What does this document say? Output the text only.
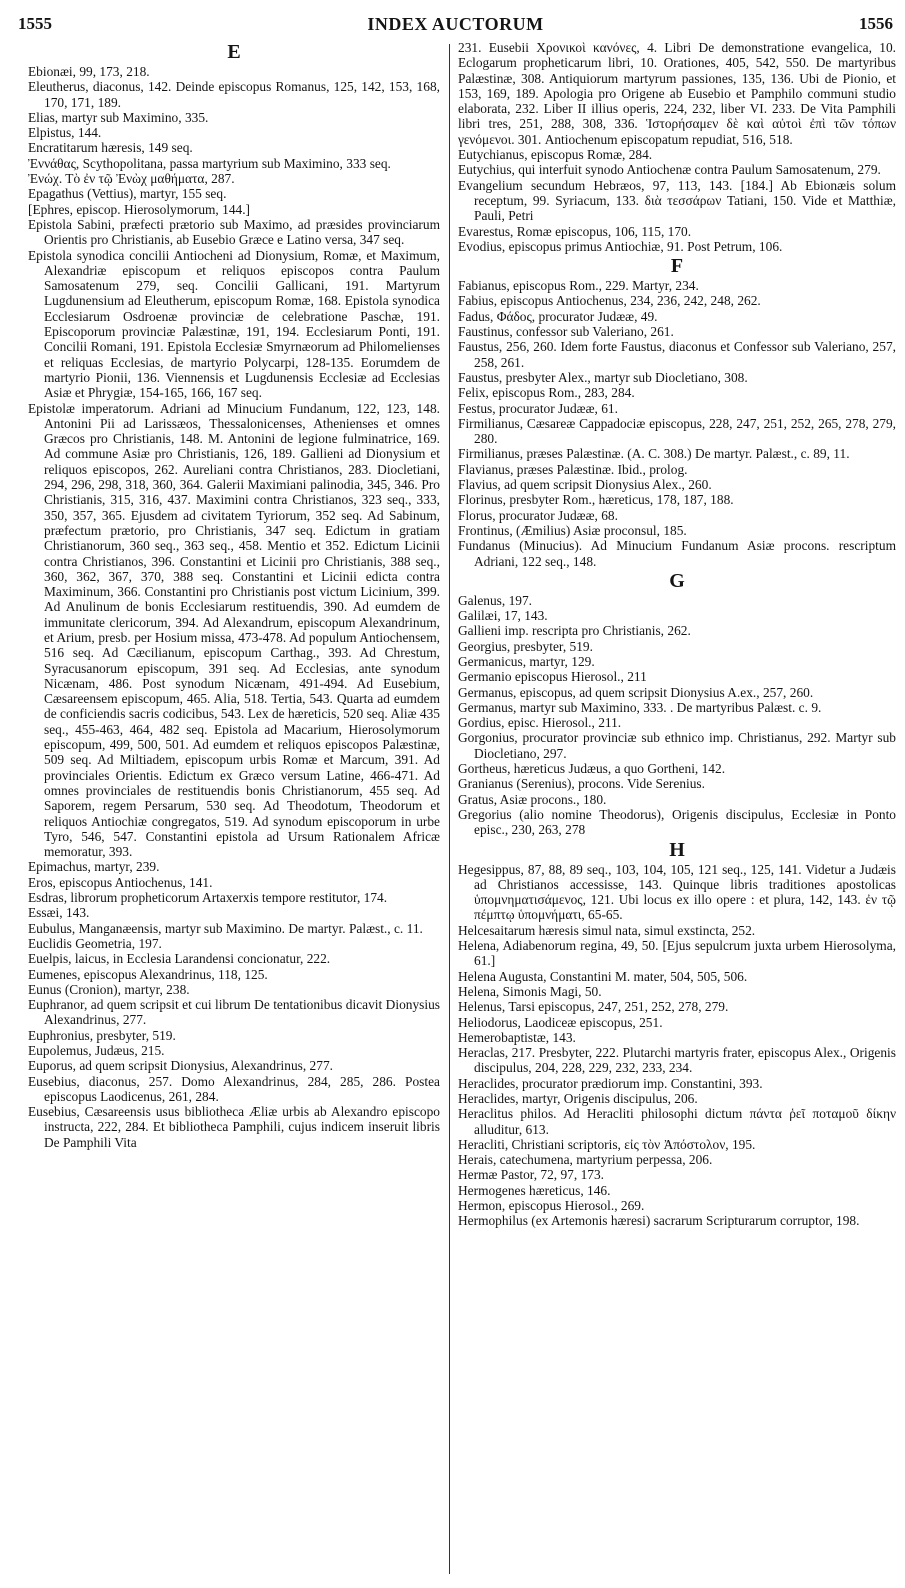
1555	INDEX AUCTORUM	1556
E

Ebionæi, 99, 173, 218.

Eleutherus, diaconus, 142. Deinde episcopus Romanus, 125, 142, 153, 168, 170, 171, 189.

Elias, martyr sub Maximino, 335.

Elpistus, 144.

Encratitarum hæresis, 149 seq.

Ἐννάθας, Scythopolitana, passa martyrium sub Maximino, 333 seq.

Ἐνώχ. Τὸ ἐν τῷ Ἐνὼχ μαθήματα, 287.

Epagathus (Vettius), martyr, 155 seq.

[Ephres, episcop. Hierosolymorum, 144.]

Epistola Sabini, præfecti prætorio sub Maximo, ad præsides provinciarum Orientis pro Christianis, ab Eusebio Græce e Latino versa, 347 seq.

Epistola synodica concilii Antiocheni ad Dionysium, Romæ, et Maximum, Alexandriæ episcopum et reliquos episcopos contra Paulum Samosatenum 279, seq. Concilii Gallicani, 191. Martyrum Lugdunensium ad Eleutherum, episcopum Romæ, 168. Epistola synodica Ecclesiarum Osdroenæ provinciæ de celebratione Paschæ, 191. Episcoporum provinciæ Palæstinæ, 191, 194. Ecclesiarum Ponti, 191. Concilii Romani, 191. Epistola Ecclesiæ Smyrnæorum ad Philomelienses et reliquas Ecclesias, de martyrio Polycarpi, 128-135. Eorumdem de martyrio Pionii, 136. Viennensis et Lugdunensis Ecclesiæ ad Ecclesias Asiæ et Phrygiæ, 154-165, 166, 167 seq.

Epistolæ imperatorum. Adriani ad Minucium Fundanum, 122, 123, 148. Antonini Pii ad Larissæos, Thessalonicenses, Athenienses et omnes Græcos pro Christianis, 148. M. Antonini de legione fulminatrice, 169. Ad commune Asiæ pro Christianis, 126, 189. Gallieni ad Dionysium et reliquos episcopos, 262. Aureliani contra Christianos, 283. Diocletiani, 294, 296, 298, 318, 360, 364. Galerii Maximiani palinodia, 345, 346. Pro Christianis, 315, 316, 437. Maximini contra Christianos, 323 seq., 333, 350, 357, 365. Ejusdem ad civitatem Tyriorum, 352 seq. Ad Sabinum, præfectum prætorio, pro Christianis, 347 seq. Edictum in gratiam Christianorum, 360 seq., 363 seq., 458. Mentio et 352. Edictum Licinii contra Christianos, 396. Constantini et Licinii pro Christianis, 388 seq., 360, 362, 367, 370, 388 seq. Constantini et Licinii edicta contra Maximinum, 366. Constantini pro Christianis post victum Licinium, 399. Ad Anulinum de bonis Ecclesiarum restituendis, 390. Ad eumdem de immunitate clericorum, 394. Ad Alexandrum, episcopum Alexandrinum, et Arium, presb. per Hosium missa, 473-478. Ad populum Antiochensem, 516 seq. Ad Cæcilianum, episcopum Carthag., 393. Ad Chrestum, Syracusanorum episcopum, 391 seq. Ad Ecclesias, ante synodum Nicænam, 486. Post synodum Nicænam, 491-494. Ad Eusebium, Cæsareensem episcopum, 465. Alia, 518. Tertia, 543. Quarta ad eumdem de conficiendis sacris codicibus, 543. Lex de hæreticis, 520 seq. Aliæ 435 seq., 455-463, 464, 482 seq. Epistola ad Macarium, Hierosolymorum episcopum, 499, 500, 501. Ad eumdem et reliquos episcopos Palæstinæ, 509 seq. Ad Miltiadem, episcopum urbis Romæ et Marcum, 391. Ad provinciales Orientis. Edictum ex Græco versum Latine, 466-471. Ad omnes provinciales de restituendis bonis Christianorum, 455 seq. Ad Saporem, regem Persarum, 530 seq. Ad Theodotum, Theodorum et reliquos Antiochiæ congregatos, 519. Ad synodum episcoporum in urbe Tyro, 546, 547. Constantini epistola ad Ursum Rationalem Africæ memoratur, 393.

Epimachus, martyr, 239.

Eros, episcopus Antiochenus, 141.

Esdras, librorum propheticorum Artaxerxis tempore restitutor, 174.

Essæi, 143.

Eubulus, Manganæensis, martyr sub Maximino. De martyr. Palæst., c. 11.

Euclidis Geometria, 197.

Euelpis, laicus, in Ecclesia Larandensi concionatur, 222.

Eumenes, episcopus Alexandrinus, 118, 125.

Eunus (Cronion), martyr, 238.

Euphranor, ad quem scripsit et cui librum De tentationibus dicavit Dionysius Alexandrinus, 277.

Euphronius, presbyter, 519.

Eupolemus, Judæus, 215.

Euporus, ad quem scripsit Dionysius, Alexandrinus, 277.

Eusebius, diaconus, 257. Domo Alexandrinus, 284, 285, 286. Postea episcopus Laodicenus, 261, 284.

Eusebius, Cæsareensis usus bibliotheca Æliæ urbis ab Alexandro episcopo instructa, 222, 284. Et bibliotheca Pamphili, cujus indicem inseruit libris De Pamphili Vita

231. Eusebii Χρονικοὶ κανόνες, 4. Libri De demonstratione evangelica, 10. Eclogarum propheticarum libri, 10. Orationes, 405, 542, 550. De martyribus Palæstinæ, 308. Antiquiorum martyrum passiones, 135, 136. Ubi de Pionio, et 153, 169, 189. Apologia pro Origene ab Eusebio et Pamphilo communi studio elaborata, 232. Liber II illius operis, 224, 232, liber VI. 233. De Vita Pamphili libri tres, 251, 288, 308, 336. Ἱστορήσαμεν δὲ καὶ αὐτοὶ ἐπὶ τῶν τόπων γενόμενοι. 301. Antiochenum episcopatum repudiat, 516, 518.

Eutychianus, episcopus Romæ, 284.

Eutychius, qui interfuit synodo Antiochenæ contra Paulum Samosatenum, 279.

Evangelium secundum Hebræos, 97, 113, 143. [184.] Ab Ebionæis solum receptum, 99. Syriacum, 133. διὰ τεσσάρων Tatiani, 150. Vide et Matthiæ, Pauli, Petri

Evarestus, Romæ episcopus, 106, 115, 170.

Evodius, episcopus primus Antiochiæ, 91. Post Petrum, 106.

F

Fabianus, episcopus Rom., 229. Martyr, 234.

Fabius, episcopus Antiochenus, 234, 236, 242, 248, 262.

Fadus, Φάδος, procurator Judææ, 49.

Faustinus, confessor sub Valeriano, 261.

Faustus, 256, 260. Idem forte Faustus, diaconus et Confessor sub Valeriano, 257, 258, 261.

Faustus, presbyter Alex., martyr sub Diocletiano, 308.

Felix, episcopus Rom., 283, 284.

Festus, procurator Judææ, 61.

Firmilianus, Cæsareæ Cappadociæ episcopus, 228, 247, 251, 252, 265, 278, 279, 280.

Firmilianus, præses Palæstinæ. (A. C. 308.) De martyr. Palæst., c. 89, 11.

Flavianus, præses Palæstinæ. Ibid., prolog.

Flavius, ad quem scripsit Dionysius Alex., 260.

Florinus, presbyter Rom., hæreticus, 178, 187, 188.

Florus, procurator Judææ, 68.

Frontinus, (Æmilius) Asiæ proconsul, 185.

Fundanus (Minucius). Ad Minucium Fundanum Asiæ procons. rescriptum Adriani, 122 seq., 148.

G

Galenus, 197.

Galilæi, 17, 143.

Gallieni imp. rescripta pro Christianis, 262.

Georgius, presbyter, 519.

Germanicus, martyr, 129.

Germanio episcopus Hierosol., 211

Germanus, episcopus, ad quem scripsit Dionysius A.ex., 257, 260.

Germanus, martyr sub Maximino, 333. . De martyribus Palæst. c. 9.

Gordius, episc. Hierosol., 211.

Gorgonius, procurator provinciæ sub ethnico imp. Christianus, 292. Martyr sub Diocletiano, 297.

Gortheus, hæreticus Judæus, a quo Gortheni, 142.

Granianus (Serenius), procons. Vide Serenius.

Gratus, Asiæ procons., 180.

Gregorius (alio nomine Theodorus), Origenis discipulus, Ecclesiæ in Ponto episc., 230, 263, 278

H

Hegesippus, 87, 88, 89 seq., 103, 104, 105, 121 seq., 125, 141. Videtur a Judæis ad Christianos accessisse, 143. Quinque libris traditiones apostolicas ὑπομνηματισάμενος, 121. Ubi locus ex illo opere : et plura, 142, 143. ἐν τῷ πέμπτῳ ὑπομνήματι, 65-65.

Helcesaitarum hæresis simul nata, simul exstincta, 252.

Helena, Adiabenorum regina, 49, 50. [Ejus sepulcrum juxta urbem Hierosolyma, 61.]

Helena Augusta, Constantini M. mater, 504, 505, 506.

Helena, Simonis Magi, 50.

Helenus, Tarsi episcopus, 247, 251, 252, 278, 279.

Heliodorus, Laodiceæ episcopus, 251.

Hemerobaptistæ, 143.

Heraclas, 217. Presbyter, 222. Plutarchi martyris frater, episcopus Alex., Origenis discipulus, 204, 228, 229, 232, 233, 234.

Heraclides, procurator prædiorum imp. Constantini, 393.

Heraclides, martyr, Origenis discipulus, 206.

Heraclitus philos. Ad Heracliti philosophi dictum πάντα ῥεῖ ποταμοῦ δίκην alluditur, 613.

Heracliti, Christiani scriptoris, εἰς τὸν Ἀπόστολον, 195.

Herais, catechumena, martyrium perpessa, 206.

Hermæ Pastor, 72, 97, 173.

Hermogenes hæreticus, 146.

Hermon, episcopus Hierosol., 269.

Hermophilus (ex Artemonis hæresi) sacrarum Scripturarum corruptor, 198.
